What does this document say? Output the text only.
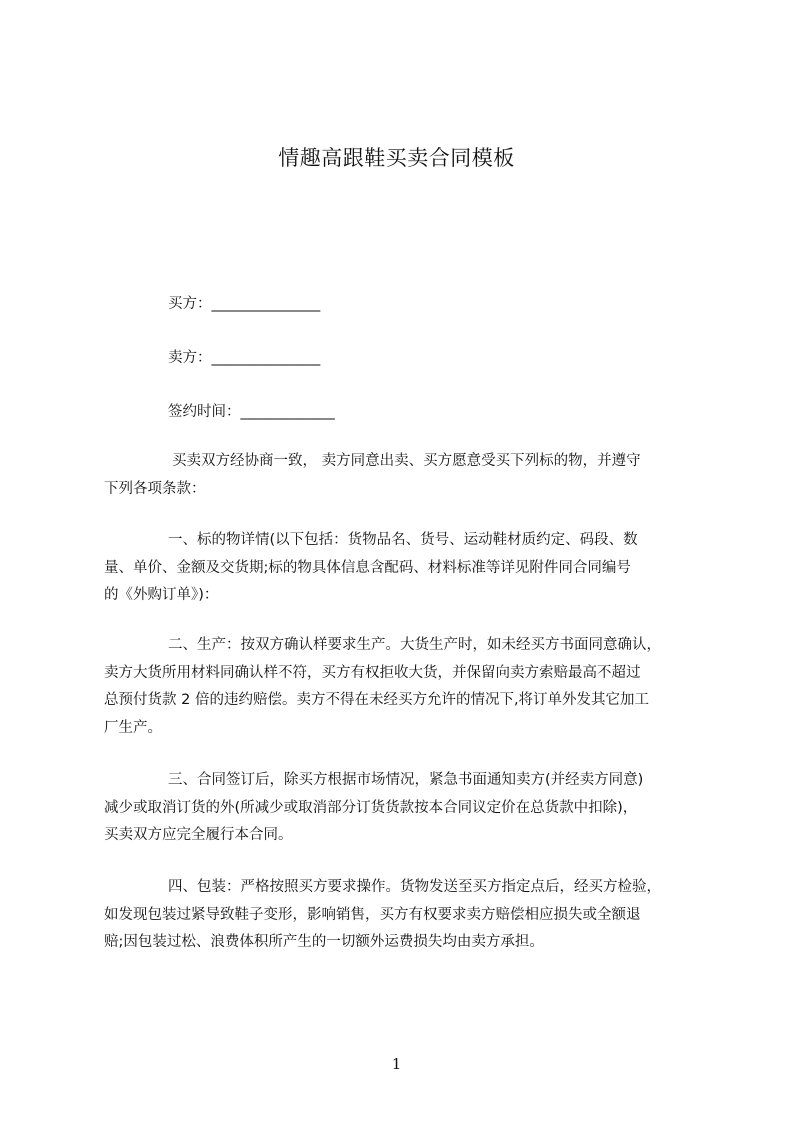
情趣高跟鞋买卖合同模板
买方：_______________
卖方：_______________
签约时间：_____________
买卖双方经协商一致， 卖方同意出卖、买方愿意受买下列标的物，并遵守
下列各项条款：
一、标的物详情(以下包括：货物品名、货号、运动鞋材质约定、码段、数
量、单价、金额及交货期;标的物具体信息含配码、材料标准等详见附件同合同编号
的《外购订单》)：
二、生产：按双方确认样要求生产。大货生产时，如未经买方书面同意确认，
卖方大货所用材料同确认样不符，买方有权拒收大货，并保留向卖方索赔最高不超过
总预付货款 2 倍的违约赔偿。卖方不得在未经买方允许的情况下,将订单外发其它加工
厂生产。
三、合同签订后，除买方根据市场情况，紧急书面通知卖方(并经卖方同意)
减少或取消订货的外(所减少或取消部分订货货款按本合同议定价在总货款中扣除)，
买卖双方应完全履行本合同。
四、包装：严格按照买方要求操作。货物发送至买方指定点后，经买方检验，
如发现包装过紧导致鞋子变形，影响销售，买方有权要求卖方赔偿相应损失或全额退
赔;因包装过松、浪费体积所产生的一切额外运费损失均由卖方承担。
1
